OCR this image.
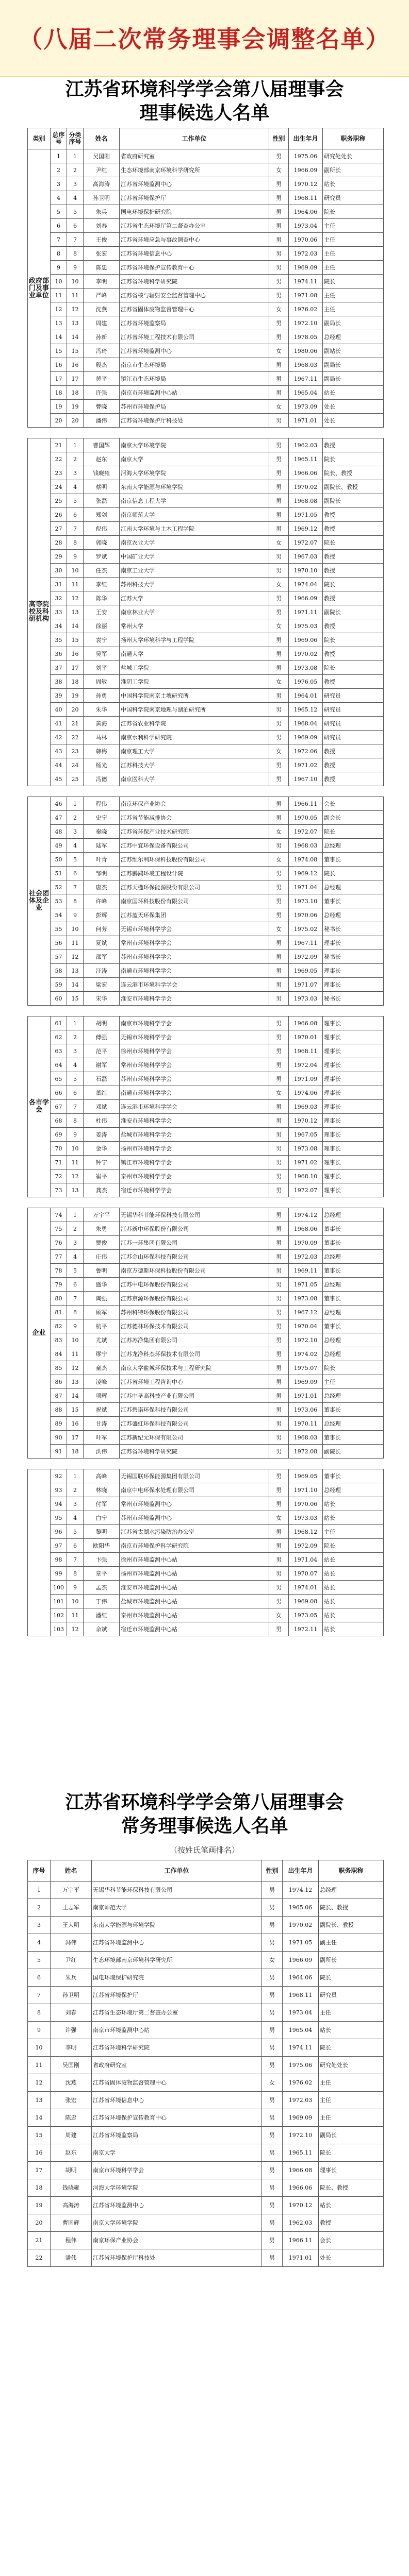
（八届二次常务理事会调整名单）
江苏省环境科学学会第八届理事会
理事候选人名单
类别	总序号	分类序号	姓名	工作单位	性别	出生年月	职务职称
政府部门及事业单位	1	1	吴国刚	省政府研究室	男	1975.06	研究处处长
	2	2	尹红	生态环境部南京环境科学研究所	女	1966.09	副所长
	3	3	高海涛	江苏省环境监测中心	男	1970.12	站长
	4	4	孙卫明	江苏省环境保护厅	男	1968.11	研究员
	5	5	朱兵	国电环境保护研究院	男	1964.06	院长
	6	6	刘春	江苏省生态环境厅第二督查办公室	男	1973.04	主任
	7	7	王俊	江苏省环境应急与事故调查中心	男	1970.06	主任
	8	8	张宏	江苏省环境信息中心	男	1972.03	主任
	9	9	陈忠	江苏省环境保护宣传教育中心	男	1969.09	主任
	10	10	李明	江苏省环境科学研究院	男	1974.11	院长
	11	11	严峰	江苏省核与辐射安全监督管理中心	男	1971.08	主任
	12	12	沈燕	江苏省固体废物监督管理中心	女	1976.02	主任
	13	13	周建	江苏省环境监察局	男	1972.10	副局长
	14	14	孙新	江苏省环境工程技术有限公司	男	1978.05	总经理
	15	15	冯琦	江苏省环境监测中心	女	1980.06	副站长
	16	16	殷杰	南京市生态环境局	男	1968.03	副局长
	17	17	黄平	镇江市生态环境局	男	1967.11	副局长
	18	18	许强	南京市环境监测中心站	男	1965.04	站长
	19	19	曹晓	苏州市环境保护局	女	1973.09	处长
	20	20	潘伟	江苏省环境保护厅科技处	男	1971.01	处长

高等院校及科研机构	21	1	曹国辉	南京大学环境学院	男	1962.03	教授
	22	2	赵东	南京大学	男	1965.11	院长
	23	3	钱晓雍	河海大学环境学院	男	1966.06	院长、教授
	24	4	蔡明	东南大学能源与环境学院	男	1970.02	副院长、教授
	25	5	张磊	南京信息工程大学	男	1968.08	副院长
	26	6	郑剑	南京师范大学	男	1971.05	教授
	27	7	倪伟	江南大学环境与土木工程学院	男	1969.12	教授
	28	8	郭晓	南京农业大学	女	1972.07	院长
	29	9	罗斌	中国矿业大学	男	1967.03	教授
	30	10	任杰	南京工业大学	男	1970.10	教授
	31	11	李红	苏州科技大学	女	1974.04	院长
	32	12	陈华	江苏大学	男	1966.09	教授
	33	13	王安	南京林业大学	男	1971.11	副院长
	34	14	徐丽	常州大学	女	1975.03	教授
	35	15	袁宁	扬州大学环境科学与工程学院	男	1969.06	院长
	36	16	吴军	南通大学	男	1970.02	教授
	37	17	刘平	盐城工学院	男	1973.08	院长
	38	18	周敏	淮阴工学院	女	1976.05	教授
	39	19	孙勇	中国科学院南京土壤研究所	男	1964.01	研究员
	40	20	朱华	中国科学院南京地理与湖泊研究所	男	1965.12	研究员
	41	21	黄海	江苏省农业科学院	男	1968.04	研究员
	42	22	马林	南京水利科学研究院	男	1969.09	研究员
	43	23	韩梅	南京理工大学	女	1972.06	教授
	44	24	杨光	江苏科技大学	男	1971.02	教授
	45	25	冯德	南京医科大学	男	1967.10	教授

社会团体及企业	46	1	程伟	南京环保产业协会	男	1966.11	会长
	47	2	史宁	江苏省节能减排协会	男	1970.05	副会长
	48	3	秦晓	江苏省环保产业技术研究院	女	1972.07	院长
	49	4	陆军	江苏中宜环保设备有限公司	男	1968.03	总经理
	50	5	叶青	江苏维尔利环保科技股份有限公司	女	1974.08	董事长
	51	6	邹明	江苏鹏鹞环境工程设计院	男	1969.12	院长
	52	7	唐杰	江苏天楹环保能源股份有限公司	男	1971.04	总经理
	53	8	许峰	南京国环科技股份有限公司	男	1973.10	董事长
	54	9	彭辉	江苏蓝天环保集团	男	1970.06	总经理
	55	10	何芳	无锡市环境科学学会	女	1975.02	秘书长
	56	11	夏斌	常州市环境科学学会	男	1967.11	理事长
	57	12	邵军	苏州市环境科学学会	男	1972.09	秘书长
	58	13	汪涛	南通市环境科学学会	男	1969.05	理事长
	59	14	梁宏	连云港市环境科学学会	男	1971.07	理事长
	60	15	宋华	淮安市环境科学学会	男	1973.03	秘书长

各市学会	61	1	胡明	南京市环境科学学会	男	1966.08	理事长
	62	2	傅强	无锡市环境科学学会	男	1970.01	理事长
	63	3	范平	徐州市环境科学学会	男	1968.11	理事长
	64	4	谢军	常州市环境科学学会	男	1972.04	理事长
	65	5	石磊	苏州市环境科学学会	男	1971.09	理事长
	66	6	董红	南通市环境科学学会	女	1974.06	理事长
	67	7	邓斌	连云港市环境科学学会	男	1969.03	理事长
	68	8	杜伟	淮安市环境科学学会	男	1970.12	理事长
	69	9	姜涛	盐城市环境科学学会	男	1967.05	理事长
	70	10	金华	扬州市环境科学学会	男	1973.08	理事长
	71	11	钟宁	镇江市环境科学学会	男	1971.02	理事长
	72	12	崔平	泰州市环境科学学会	男	1968.10	理事长
	73	13	龚杰	宿迁市环境科学学会	男	1972.07	理事长

企业	74	1	万宇平	无锡华科节能环保科技有限公司	男	1974.12	总经理
	75	2	朱勇	江苏新中环保股份有限公司	男	1968.06	董事长
	76	3	贾俊	江苏一环集团有限公司	男	1970.09	董事长
	77	4	庄伟	江苏金山环保科技有限公司	男	1972.03	总经理
	78	5	鲁明	南京万德斯环保科技股份有限公司	男	1969.11	董事长
	79	6	盛华	江苏中电环保股份有限公司	男	1971.05	总经理
	80	7	陶强	江苏京源环保股份有限公司	男	1973.08	董事长
	81	8	顾军	苏州科特环保股份有限公司	男	1967.12	总经理
	82	9	杭平	江苏德林环保技术有限公司	男	1970.04	董事长
	83	10	尤斌	江苏苏净集团有限公司	男	1972.10	总经理
	84	11	缪宁	江苏龙净科杰环保技术有限公司	男	1974.02	总经理
	85	12	童杰	南京大学盐城环保技术与工程研究院	男	1975.07	院长
	86	13	凌峰	江苏省环境工程咨询中心	男	1969.09	主任
	87	14	项辉	江苏中圣高科技产业有限公司	男	1971.01	总经理
	88	15	祝斌	江苏碧诺环保科技有限公司	男	1973.06	董事长
	89	16	甘涛	江苏盛虹环保科技有限公司	男	1970.11	总经理
	90	17	叶军	江苏新纪元环保有限公司	男	1968.03	董事长
	91	18	洪伟	江苏省环境科学研究院	男	1972.08	副院长

	92	1	高峰	无锡国联环保能源集团有限公司	男	1969.05	董事长
	93	2	林晓	南京中电环保水处理有限公司	男	1971.10	总经理
	94	3	付军	常州市环境监测中心	男	1970.06	站长
	95	4	白宁	苏州市环境监测中心	女	1973.03	站长
	96	5	黎明	江苏省太湖水污染防治办公室	男	1968.12	主任
	97	6	欧阳华	南京市环境保护科学研究院	男	1972.09	院长
	98	7	卞强	徐州市环境监测中心站	男	1971.04	站长
	99	8	章平	扬州市环境监测中心站	男	1970.07	站长
	100	9	孟杰	淮安市环境监测中心站	男	1974.01	站长
	101	10	丁伟	盐城市环境监测中心站	男	1969.08	站长
	102	11	潘红	泰州市环境监测中心站	女	1973.05	站长
	103	12	余斌	宿迁市环境监测中心站	男	1972.11	站长
江苏省环境科学学会第八届理事会
常务理事候选人名单
（按姓氏笔画排名）
序号	姓名	工作单位	性别	出生年月	职务职称
1	万宇平	无锡华科节能环保科技有限公司	男	1974.12	总经理
2	王志军	南京师范大学	男	1965.06	院长、教授
3	王大明	东南大学能源与环境学院	男	1970.02	副院长、教授
4	冯伟	江苏省环境监测中心	男	1971.05	副主任
5	尹红	生态环境部南京环境科学研究所	女	1966.09	副所长
6	朱兵	国电环境保护研究院	男	1964.06	院长
7	孙卫明	江苏省环境保护厅	男	1968.11	研究员
8	刘春	江苏省生态环境厅第二督查办公室	男	1973.04	主任
9	许强	南京市环境监测中心站	男	1965.04	站长
10	李明	江苏省环境科学研究院	男	1974.11	院长
11	吴国刚	省政府研究室	男	1975.06	研究处处长
12	沈燕	江苏省固体废物监督管理中心	女	1976.02	主任
13	张宏	江苏省环境信息中心	男	1972.03	主任
14	陈忠	江苏省环境保护宣传教育中心	男	1969.09	主任
15	周建	江苏省环境监察局	男	1972.10	副局长
16	赵东	南京大学	男	1965.11	院长
17	胡明	南京市环境科学学会	男	1966.08	理事长
18	钱晓雍	河海大学环境学院	男	1966.06	院长、教授
19	高海涛	江苏省环境监测中心	男	1970.12	站长
20	曹国辉	南京大学环境学院	男	1962.03	教授
21	程伟	南京环保产业协会	男	1966.11	会长
22	潘伟	江苏省环境保护厅科技处	男	1971.01	处长
